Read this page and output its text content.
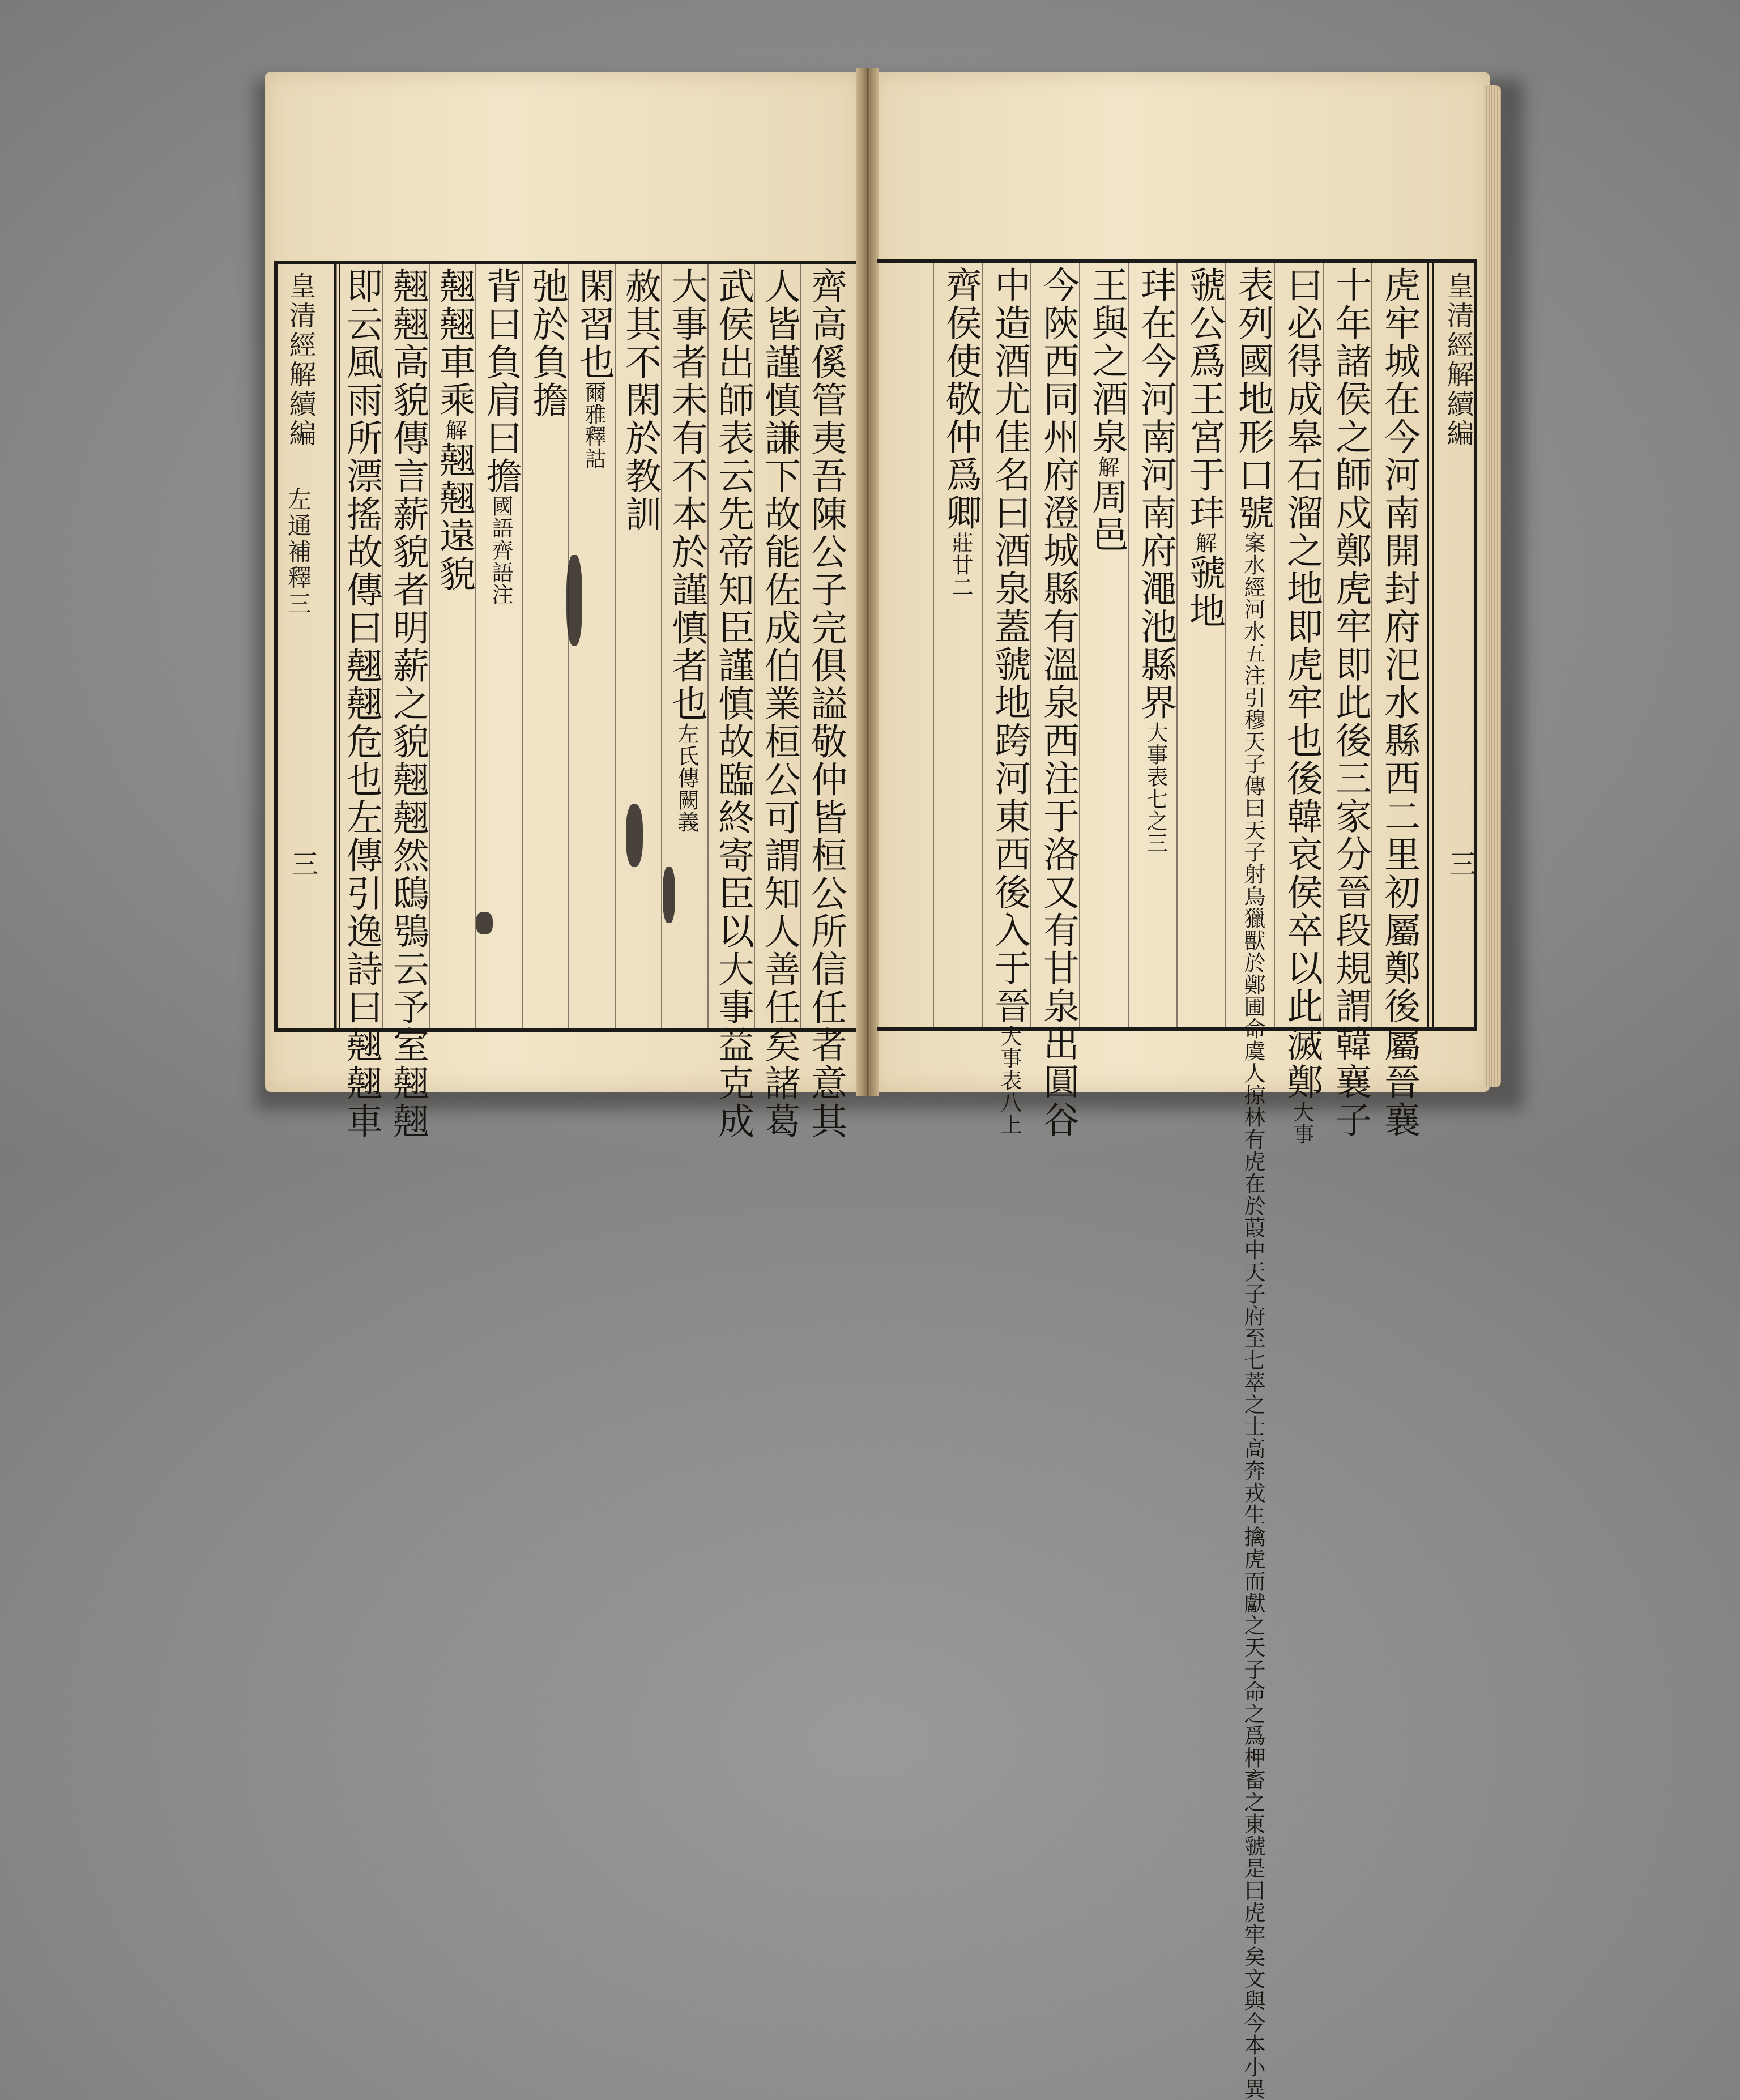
皇清經解續編
左通補釋三
三	齊高傒管夷吾陳公子完俱謚敬仲皆桓公所信任者意其
人皆謹慎謙下故能佐成伯業桓公可謂知人善任矣諸葛
武侯出師表云先帝知臣謹慎故臨終寄臣以大事益克成
大事者未有不本於謹慎者也左氏傳闕義
赦其不閑於教訓
閑習也爾雅釋詁
弛於負擔
背曰負肩曰擔國語齊語注
翹翹車乘解翹翹遠貌
翹翹高貌傳言薪貌者明薪之貌翹翹然鴟鴞云予室翹翹
即云風雨所漂搖故傳曰翹翹危也左傳引逸詩曰翹翹車	皇清經解續編
三
虎牢城在今河南開封府汜水縣西二里初屬鄭後屬晉襄
十年諸侯之師戍鄭虎牢即此後三家分晉段規謂韓襄子
曰必得成皋石溜之地即虎牢也後韓哀侯卒以此滅鄭大事
表列國地形口號案水經河水五注引穆天子傳曰天子射鳥獵獸於鄭圃命虞人掠林有虎在於葭中天子府至七萃之士高奔戎生擒虎而獻之天子命之爲柙畜之東虢是曰虎牢矣文與今本小異
虢公爲王宮于玤解虢地
玤在今河南河南府澠池縣界大事表七之三
王與之酒泉解周邑
今陝西同州府澄城縣有溫泉西注于洛又有甘泉出圓谷
中造酒尤佳名曰酒泉蓋虢地跨河東西後入于晉大事表八上
齊侯使敬仲爲卿莊廿二
